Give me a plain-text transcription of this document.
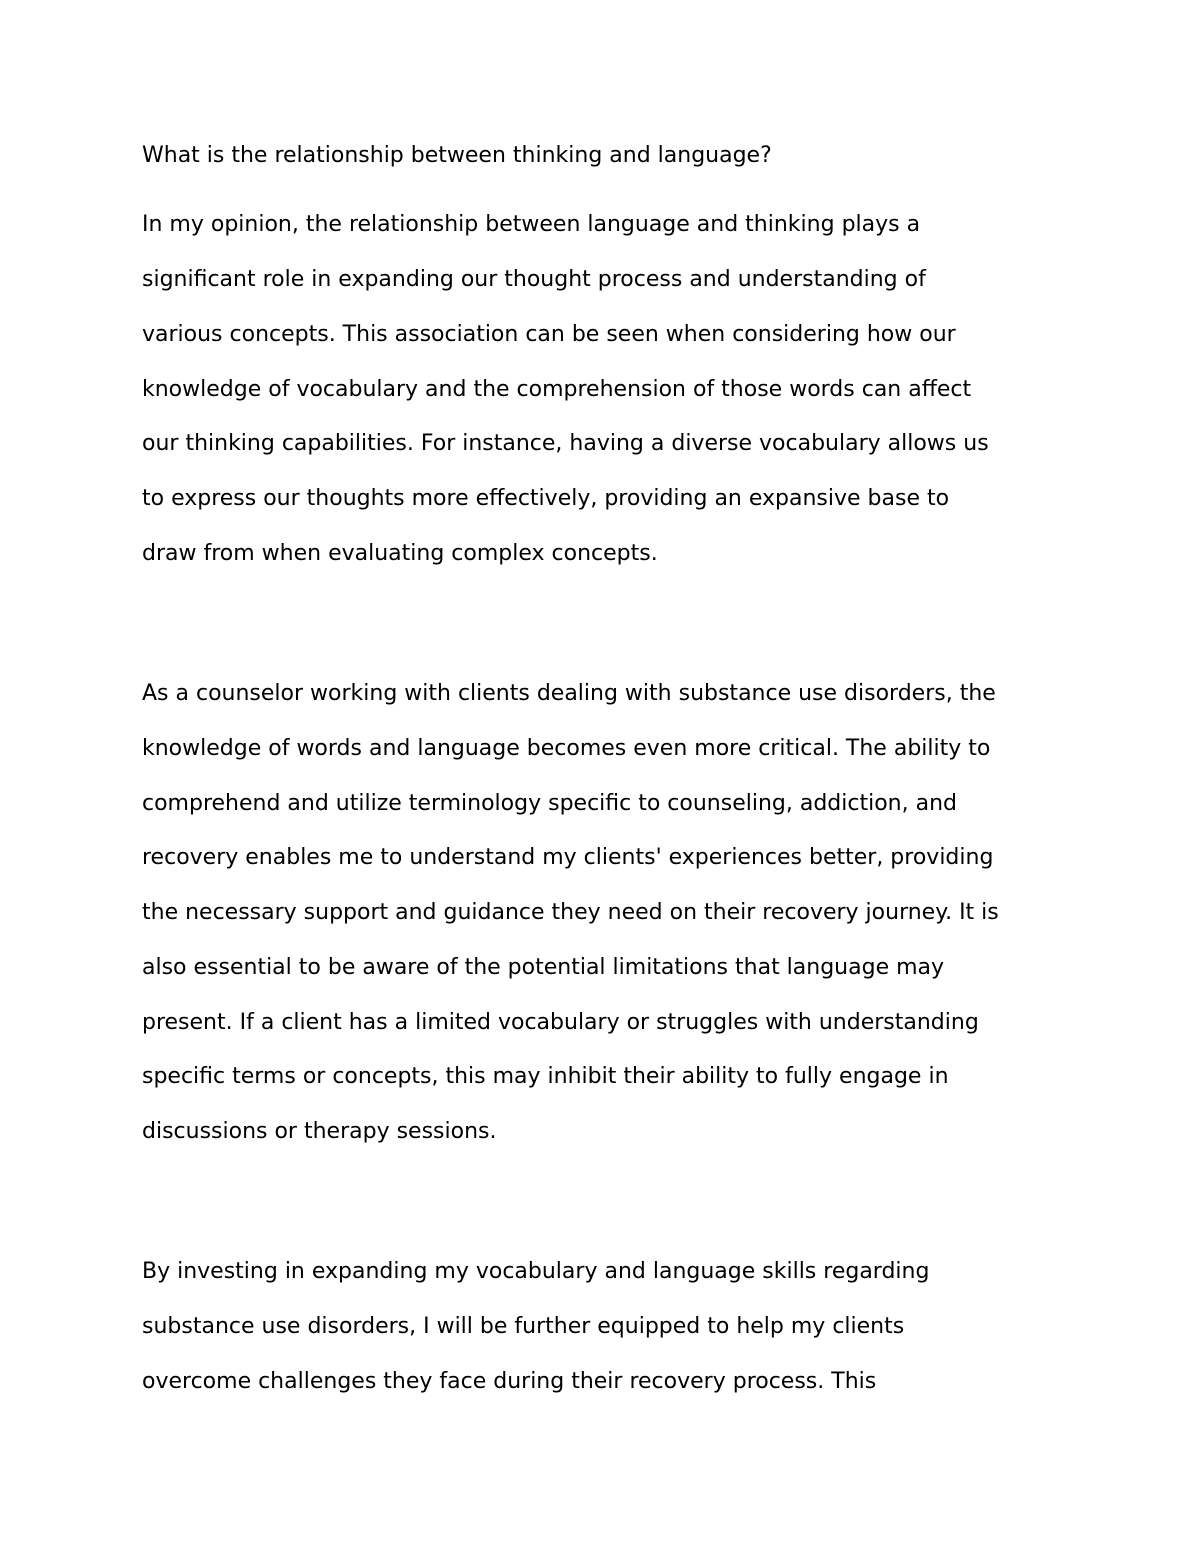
What is the relationship between thinking and language?

In my opinion, the relationship between language and thinking plays a

significant role in expanding our thought process and understanding of

various concepts. This association can be seen when considering how our

knowledge of vocabulary and the comprehension of those words can affect

our thinking capabilities. For instance, having a diverse vocabulary allows us

to express our thoughts more effectively, providing an expansive base to

draw from when evaluating complex concepts.

As a counselor working with clients dealing with substance use disorders, the

knowledge of words and language becomes even more critical. The ability to

comprehend and utilize terminology specific to counseling, addiction, and

recovery enables me to understand my clients' experiences better, providing

the necessary support and guidance they need on their recovery journey. It is

also essential to be aware of the potential limitations that language may

present. If a client has a limited vocabulary or struggles with understanding

specific terms or concepts, this may inhibit their ability to fully engage in

discussions or therapy sessions.

By investing in expanding my vocabulary and language skills regarding

substance use disorders, I will be further equipped to help my clients

overcome challenges they face during their recovery process. This
